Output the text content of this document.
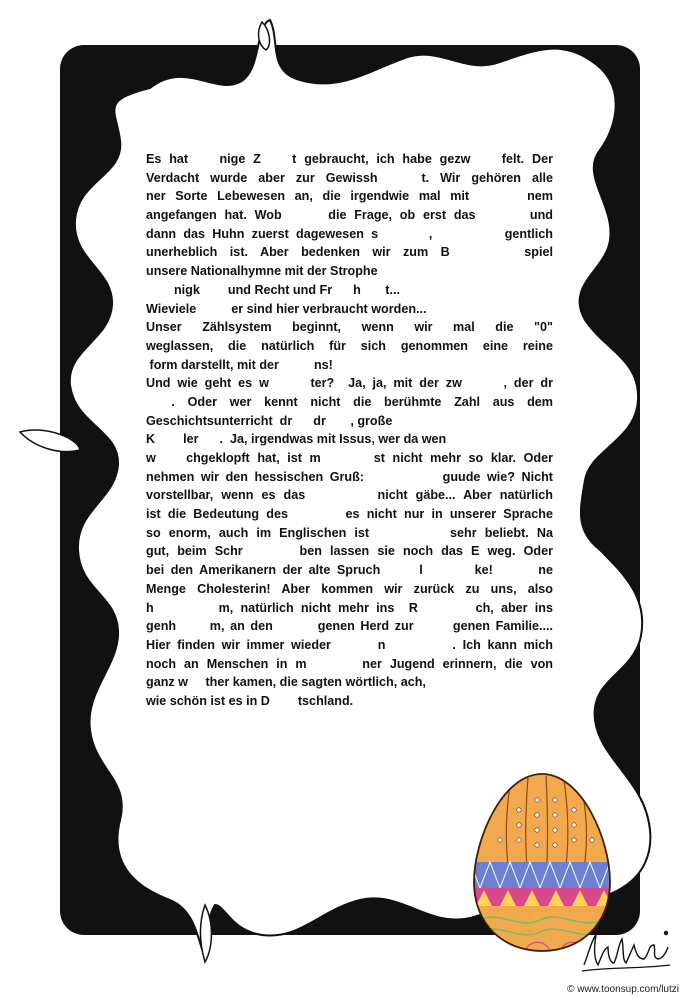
Es hat    nige Z    t gebraucht, ich habe gezw    felt. Der
Verdacht wurde aber zur Gewissh    t. Wir gehören alle
ner Sorte Lebewesen an, die irgendwie mal mit      nem
angefangen hat. Wob      die Frage, ob erst das       und
dann das Huhn zuerst dagewesen s       ,          gentlich
unerheblich ist. Aber bedenken wir zum B      spiel
unsere Nationalhymne mit der Strophe
nigk        und Recht und Fr      h       t...
Wieviele          er sind hier verbraucht worden...
Unser Zählsystem beginnt, wenn wir mal die "0"
weglassen, die natürlich für sich genommen eine reine
form darstellt, mit der          ns!
Und wie geht es w      ter?  Ja, ja, mit der zw      , der dr
. Oder wer kennt nicht die berühmte Zahl aus dem
Geschichtsunterricht  dr      dr       , große
K        ler      .  Ja, irgendwas mit Issus, wer da wen
w    chgeklopft hat, ist m       st nicht mehr so klar. Oder
nehmen wir den hessischen Gruß:            guude wie? Nicht
vorstellbar, wenn es das         nicht gäbe... Aber natürlich
ist die Bedeutung des        es nicht nur in unserer Sprache
so enorm, auch im Englischen ist          sehr beliebt. Na
gut, beim Schr       ben lassen sie noch das E weg. Oder
bei den Amerikanern der alte Spruch      l        ke!       ne
Menge Cholesterin! Aber kommen wir zurück zu uns, also
h         m, natürlich nicht mehr ins  R        ch, aber ins
genh      m, an den        genen Herd zur       genen Familie....
Hier finden wir immer wieder       n          . Ich kann mich
noch an Menschen in m       ner Jugend erinnern, die von
ganz w     ther kamen, die sagten wörtlich, ach,
wie schön ist es in D        tschland.
© www.toonsup.com/lutzi
